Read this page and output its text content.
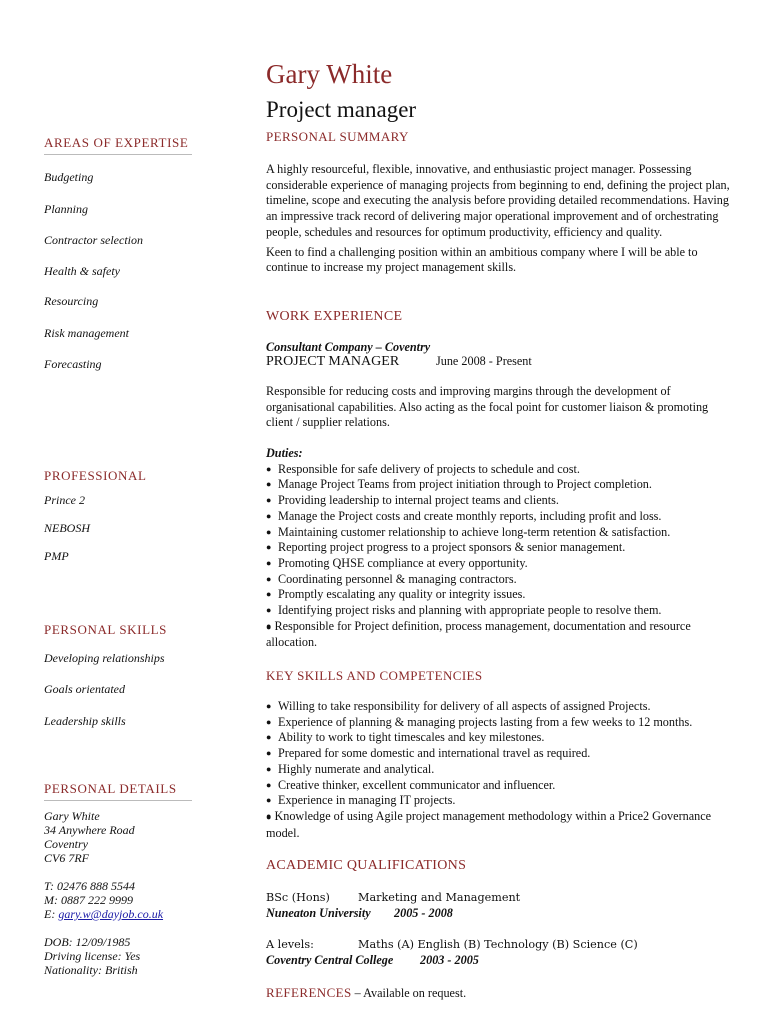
Gary White
Project manager
AREAS OF EXPERTISE
Budgeting
Planning
Contractor selection
Health & safety
Resourcing
Risk management
Forecasting
PROFESSIONAL
Prince 2
NEBOSH
PMP
PERSONAL SKILLS
Developing relationships
Goals orientated
Leadership skills
PERSONAL DETAILS
Gary White
34 Anywhere Road
Coventry
CV6 7RF
T: 02476 888 5544
M: 0887 222 9999
E: gary.w@dayjob.co.uk
DOB: 12/09/1985
Driving license: Yes
Nationality: British
PERSONAL SUMMARY

A highly resourceful, flexible, innovative, and enthusiastic project manager. Possessing considerable experience of managing projects from beginning to end, defining the project plan, timeline, scope and executing the analysis before providing detailed recommendations. Having an impressive track record of delivering major operational improvement and of orchestrating people, schedules and resources for optimum productivity, efficiency and quality.

Keen to find a challenging position within an ambitious company where I will be able to continue to increase my project management skills.

WORK EXPERIENCE
Consultant Company – Coventry
PROJECT MANAGER	June 2008 - Present
Responsible for reducing costs and improving margins through the development of organisational capabilities. Also acting as the focal point for customer liaison & promoting client / supplier relations.
Duties:
● Responsible for safe delivery of projects to schedule and cost.
● Manage Project Teams from project initiation through to Project completion.
● Providing leadership to internal project teams and clients.
● Manage the Project costs and create monthly reports, including profit and loss.
● Maintaining customer relationship to achieve long-term retention & satisfaction.
● Reporting project progress to a project sponsors & senior management.
● Promoting QHSE compliance at every opportunity.
● Coordinating personnel & managing contractors.
● Promptly escalating any quality or integrity issues.
● Identifying project risks and planning with appropriate people to resolve them.
● ● Responsible for Project definition, process management, documentation and resource allocation.
KEY SKILLS AND COMPETENCIES
● Willing to take responsibility for delivery of all aspects of assigned Projects.
● Experience of planning & managing projects lasting from a few weeks to 12 months.
● Ability to work to tight timescales and key milestones.
● Prepared for some domestic and international travel as required.
● Highly numerate and analytical.
● Creative thinker, excellent communicator and influencer.
● Experience in managing IT projects.
● ● Knowledge of using Agile project management methodology within a Price2 Governance model.
ACADEMIC QUALIFICATIONS
BSc (Hons)	Marketing and Management
Nuneaton University 2005 - 2008
A levels:	Maths (A) English (B) Technology (B) Science (C)
Coventry Central College 2003 - 2005
REFERENCES – Available on request.
